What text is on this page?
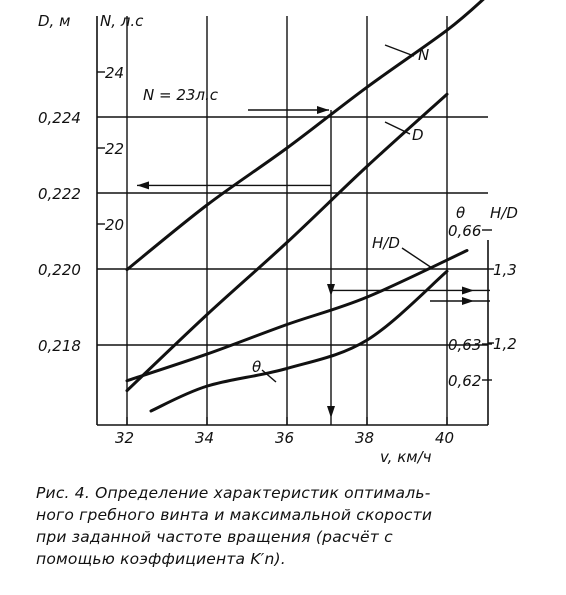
32	34	36	38	40
v, км/ч
0,218
0,220
0,222
0,224
D, м
20
22
24
N, л.с
θ H/D
0,62
0,63
0,66
1,2
1,3
N
D
H/D
θ
N = 23л.с
Рис. 4. Определение характеристик оптималь-
ного гребного винта и максимальной скорости
при заданной частоте вращения (расчёт с
помощью коэффициента K′n).
